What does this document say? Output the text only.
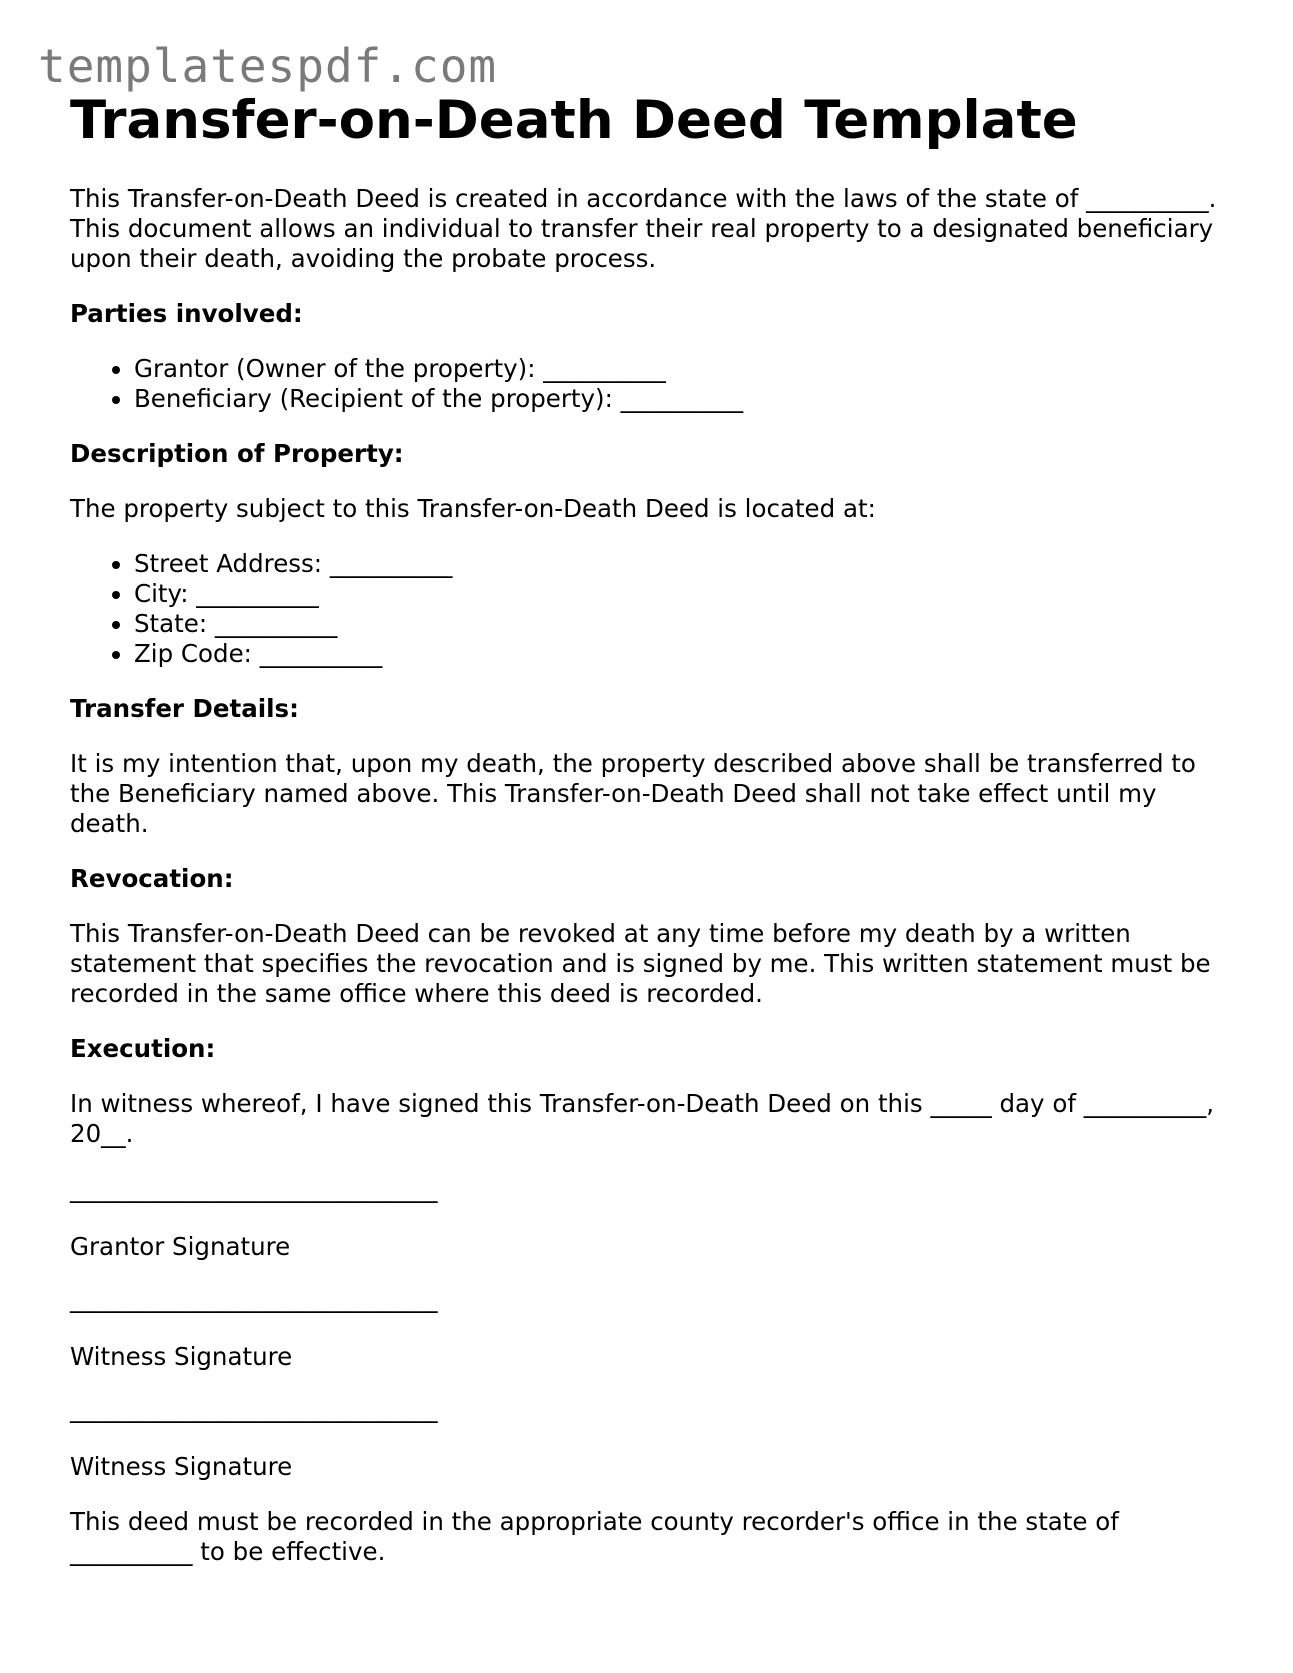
templatespdf.com
Transfer-on-Death Deed Template

This Transfer-on-Death Deed is created in accordance with the laws of the state of __________. This document allows an individual to transfer their real property to a designated beneficiary upon their death, avoiding the probate process.

Parties involved:

• Grantor (Owner of the property): __________
• Beneficiary (Recipient of the property): __________

Description of Property:

The property subject to this Transfer-on-Death Deed is located at:

• Street Address: __________
• City: __________
• State: __________
• Zip Code: __________

Transfer Details:

It is my intention that, upon my death, the property described above shall be transferred to the Beneficiary named above. This Transfer-on-Death Deed shall not take effect until my death.

Revocation:

This Transfer-on-Death Deed can be revoked at any time before my death by a written statement that specifies the revocation and is signed by me. This written statement must be recorded in the same office where this deed is recorded.

Execution:

In witness whereof, I have signed this Transfer-on-Death Deed on this _____ day of __________, 20__.

______________________________
Grantor Signature
______________________________
Witness Signature
______________________________
Witness Signature

This deed must be recorded in the appropriate county recorder's office in the state of __________ to be effective.
